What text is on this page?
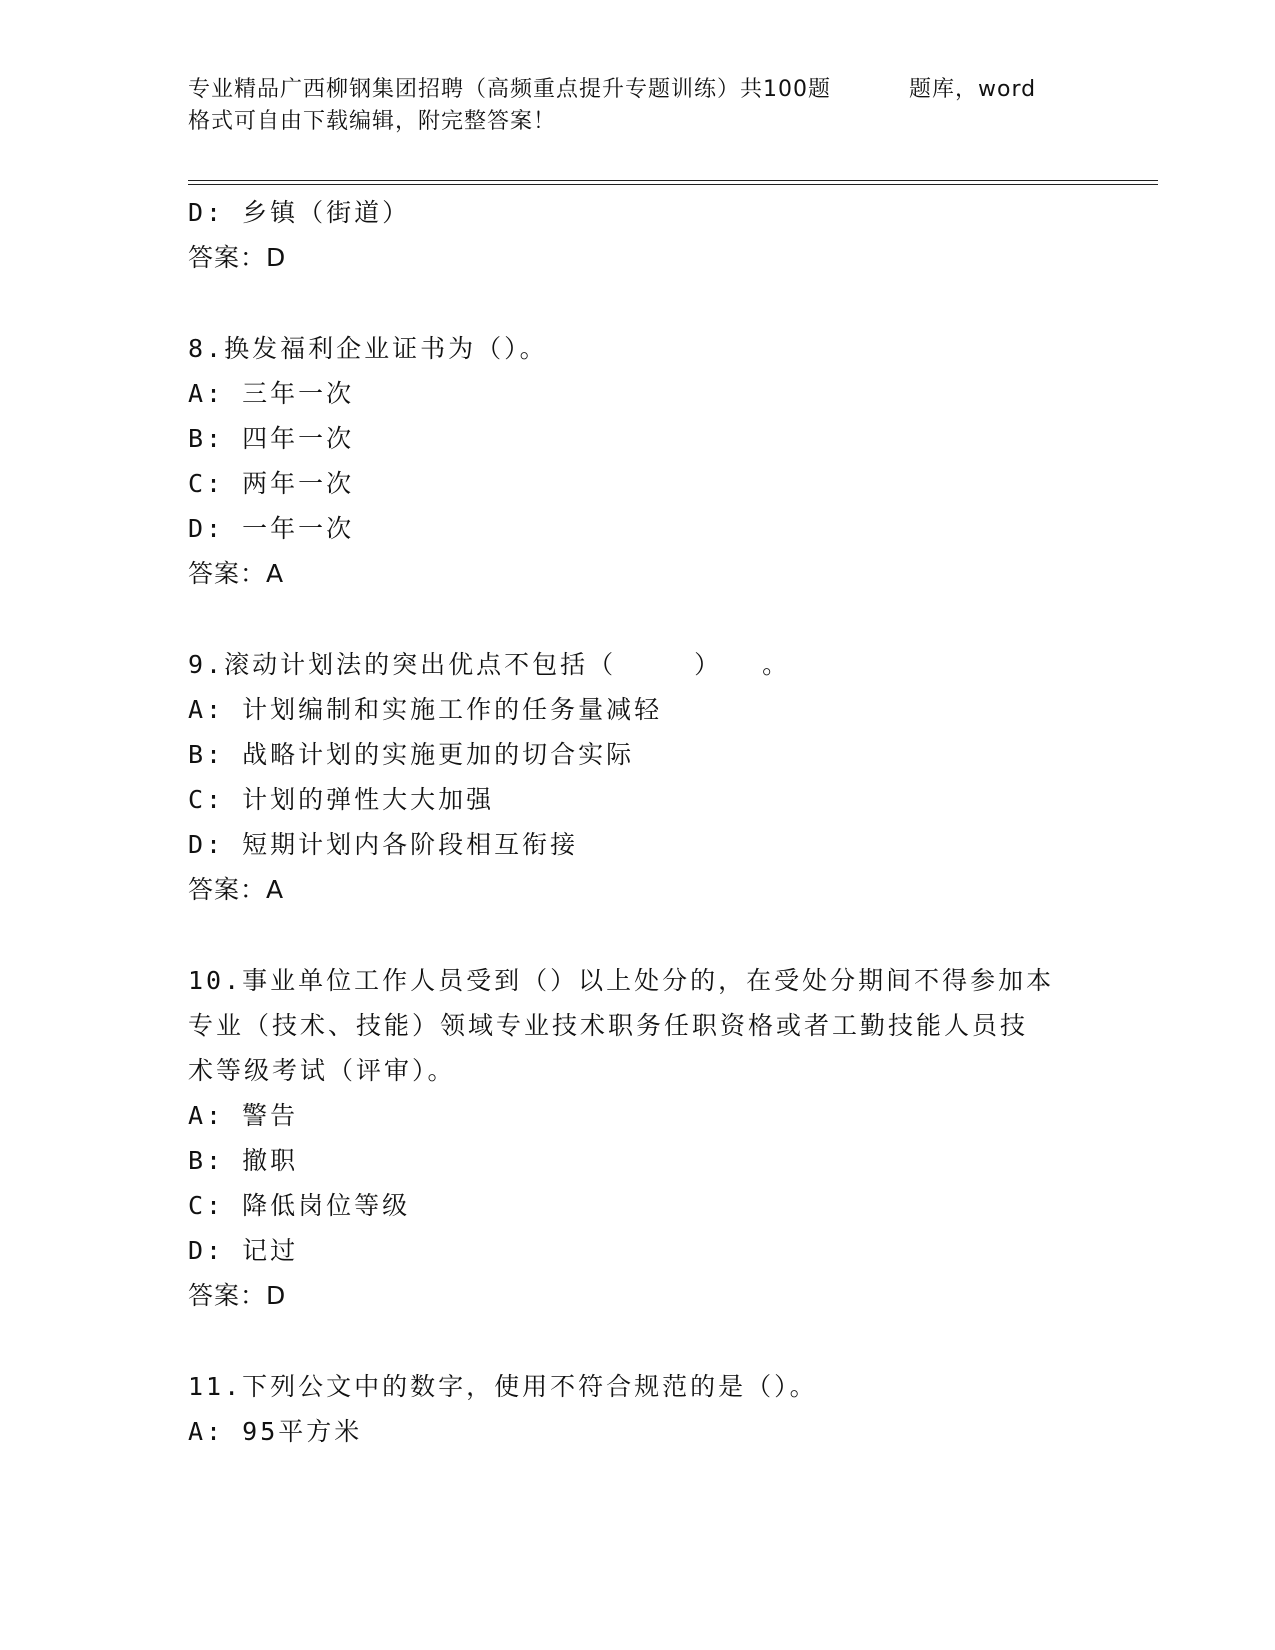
专业精品广西柳钢集团招聘（高频重点提升专题训练）共100题	题库，word
格式可自由下载编辑，附完整答案！
D: 乡镇（街道）
答案：D
8.换发福利企业证书为（）。
A: 三年一次
B: 四年一次
C: 两年一次
D: 一年一次
答案：A
9.滚动计划法的突出优点不包括（	） 。
A: 计划编制和实施工作的任务量减轻
B: 战略计划的实施更加的切合实际
C: 计划的弹性大大加强
D: 短期计划内各阶段相互衔接
答案：A
10.事业单位工作人员受到（）以上处分的，在受处分期间不得参加本
专业（技术、技能）领域专业技术职务任职资格或者工勤技能人员技
术等级考试（评审）。
A: 警告
B: 撤职
C: 降低岗位等级
D: 记过
答案：D
11.下列公文中的数字，使用不符合规范的是（）。
A: 95平方米
